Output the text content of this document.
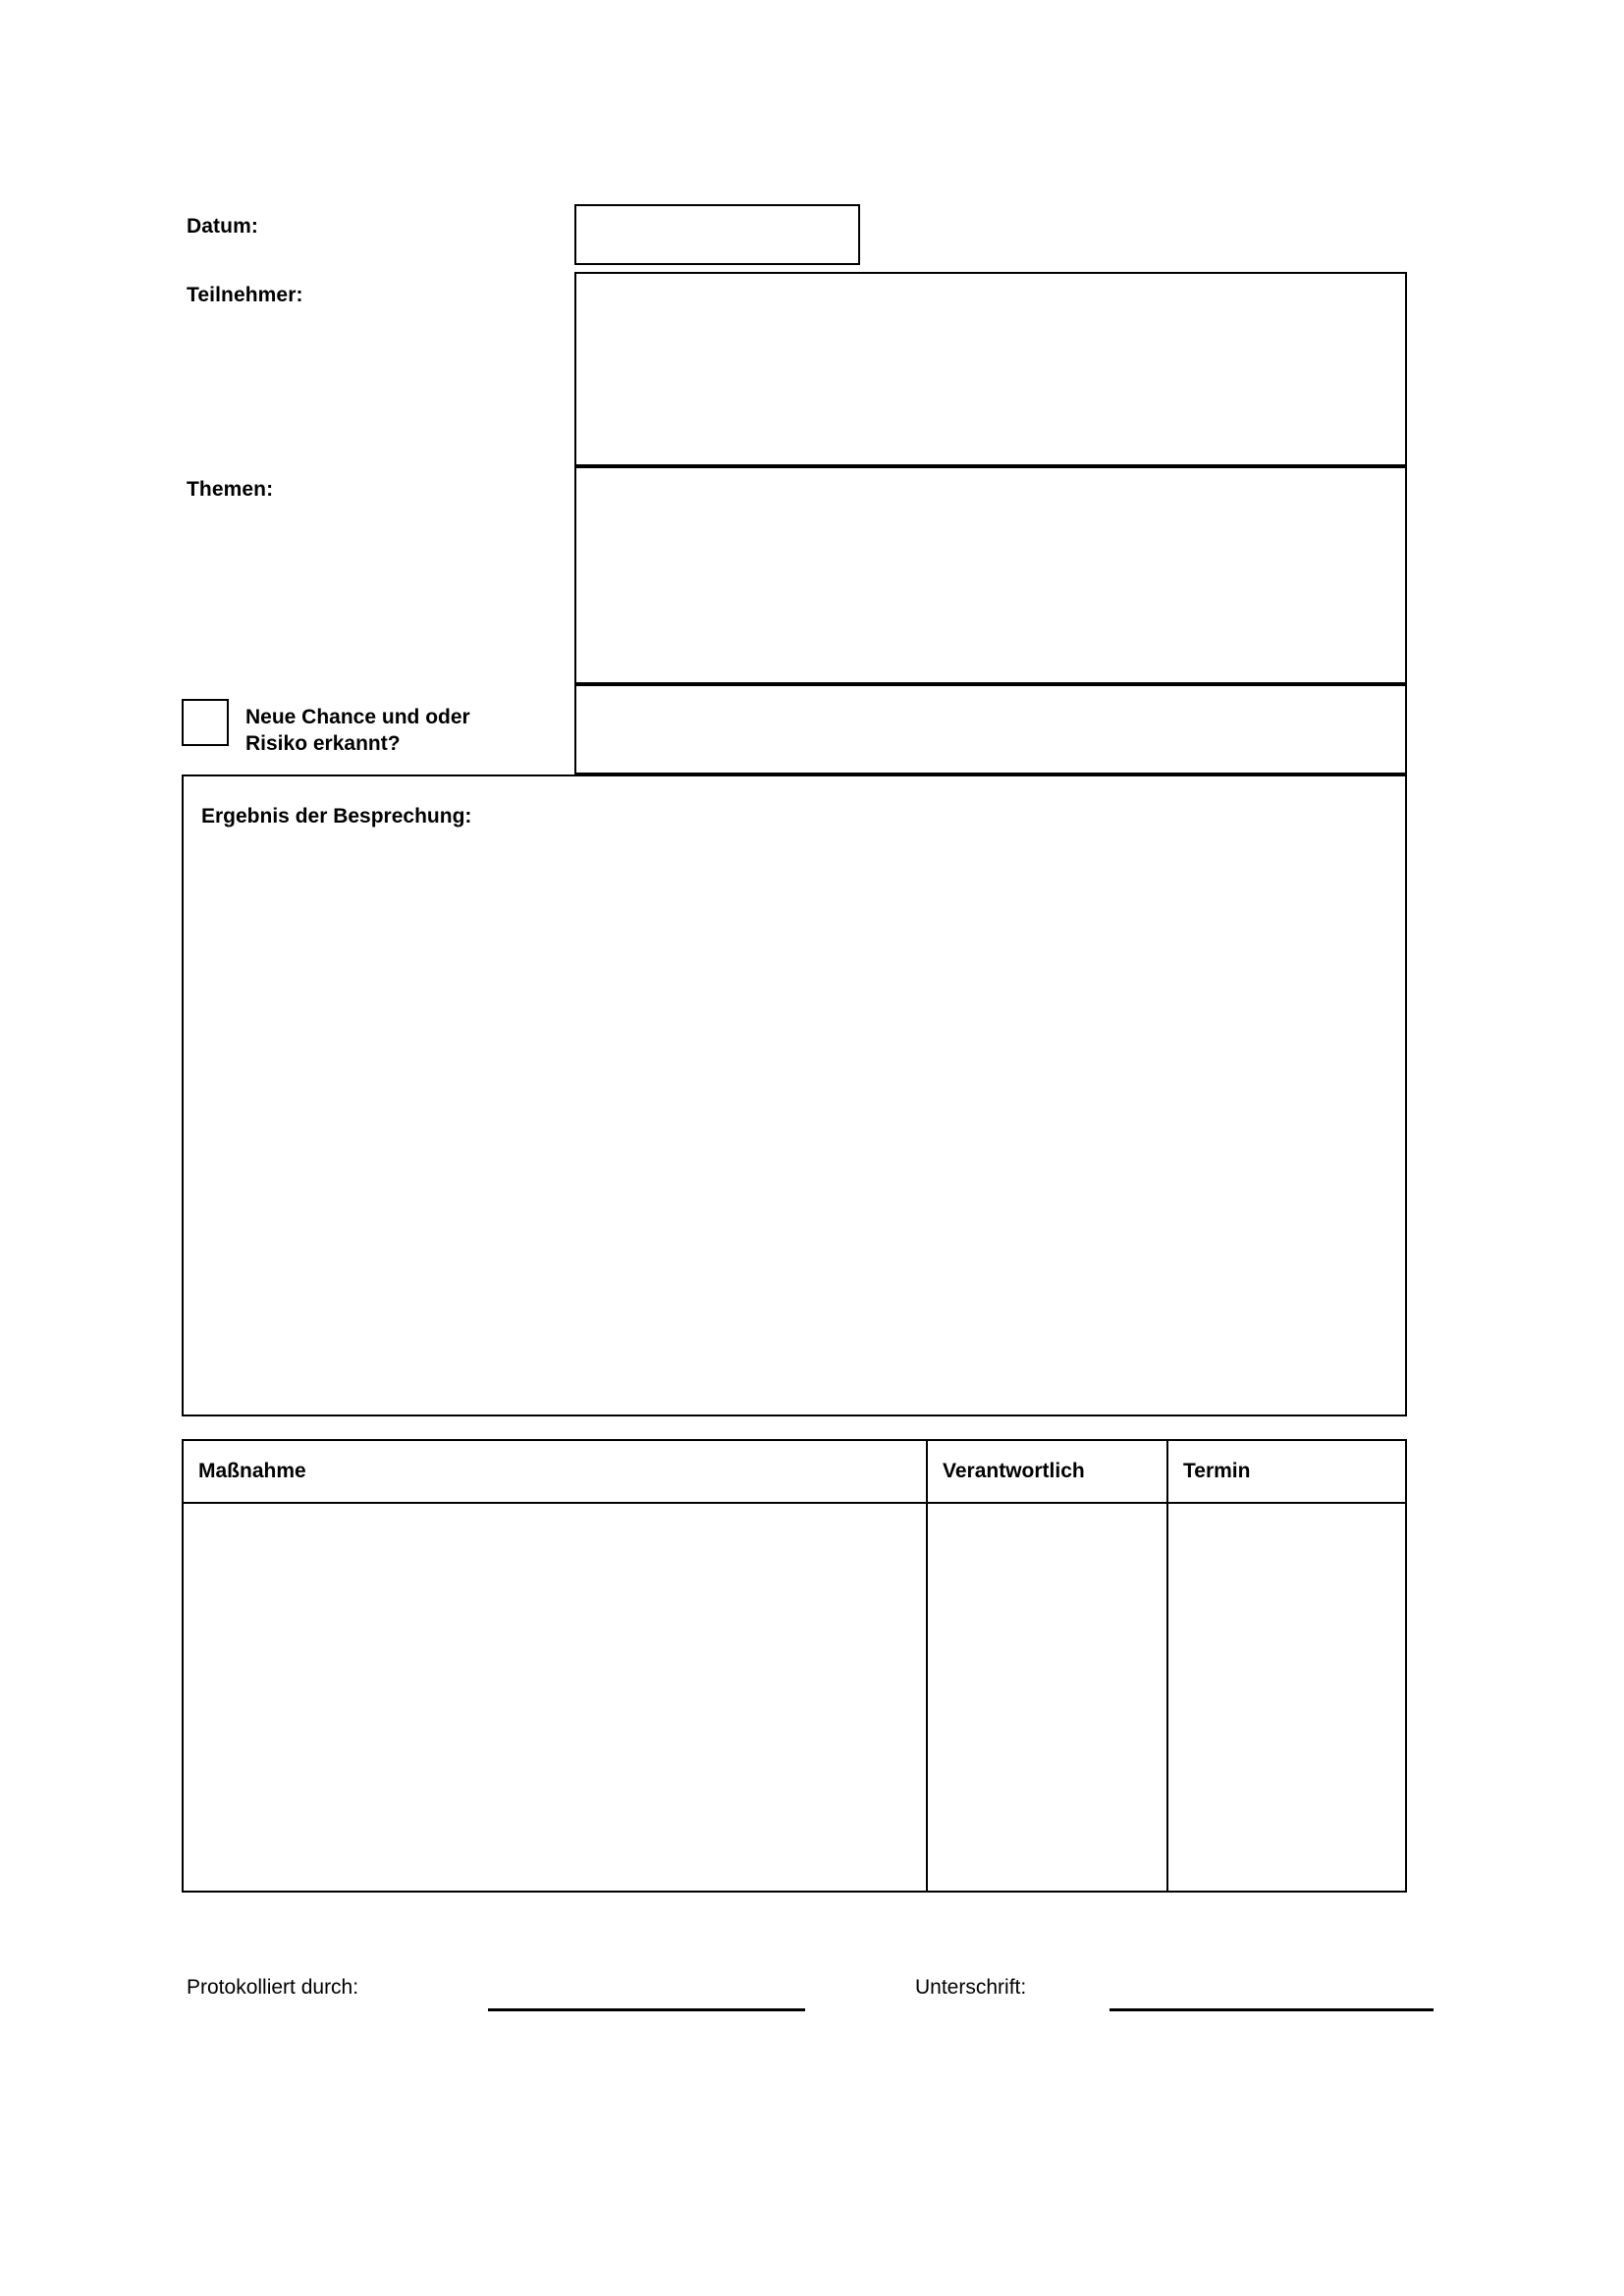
Datum:
Teilnehmer:
Themen:
Neue Chance und oder Risiko erkannt?
Ergebnis der Besprechung:
Maßnahme	Verantwortlich	Termin
Protokolliert durch:	Unterschrift:
